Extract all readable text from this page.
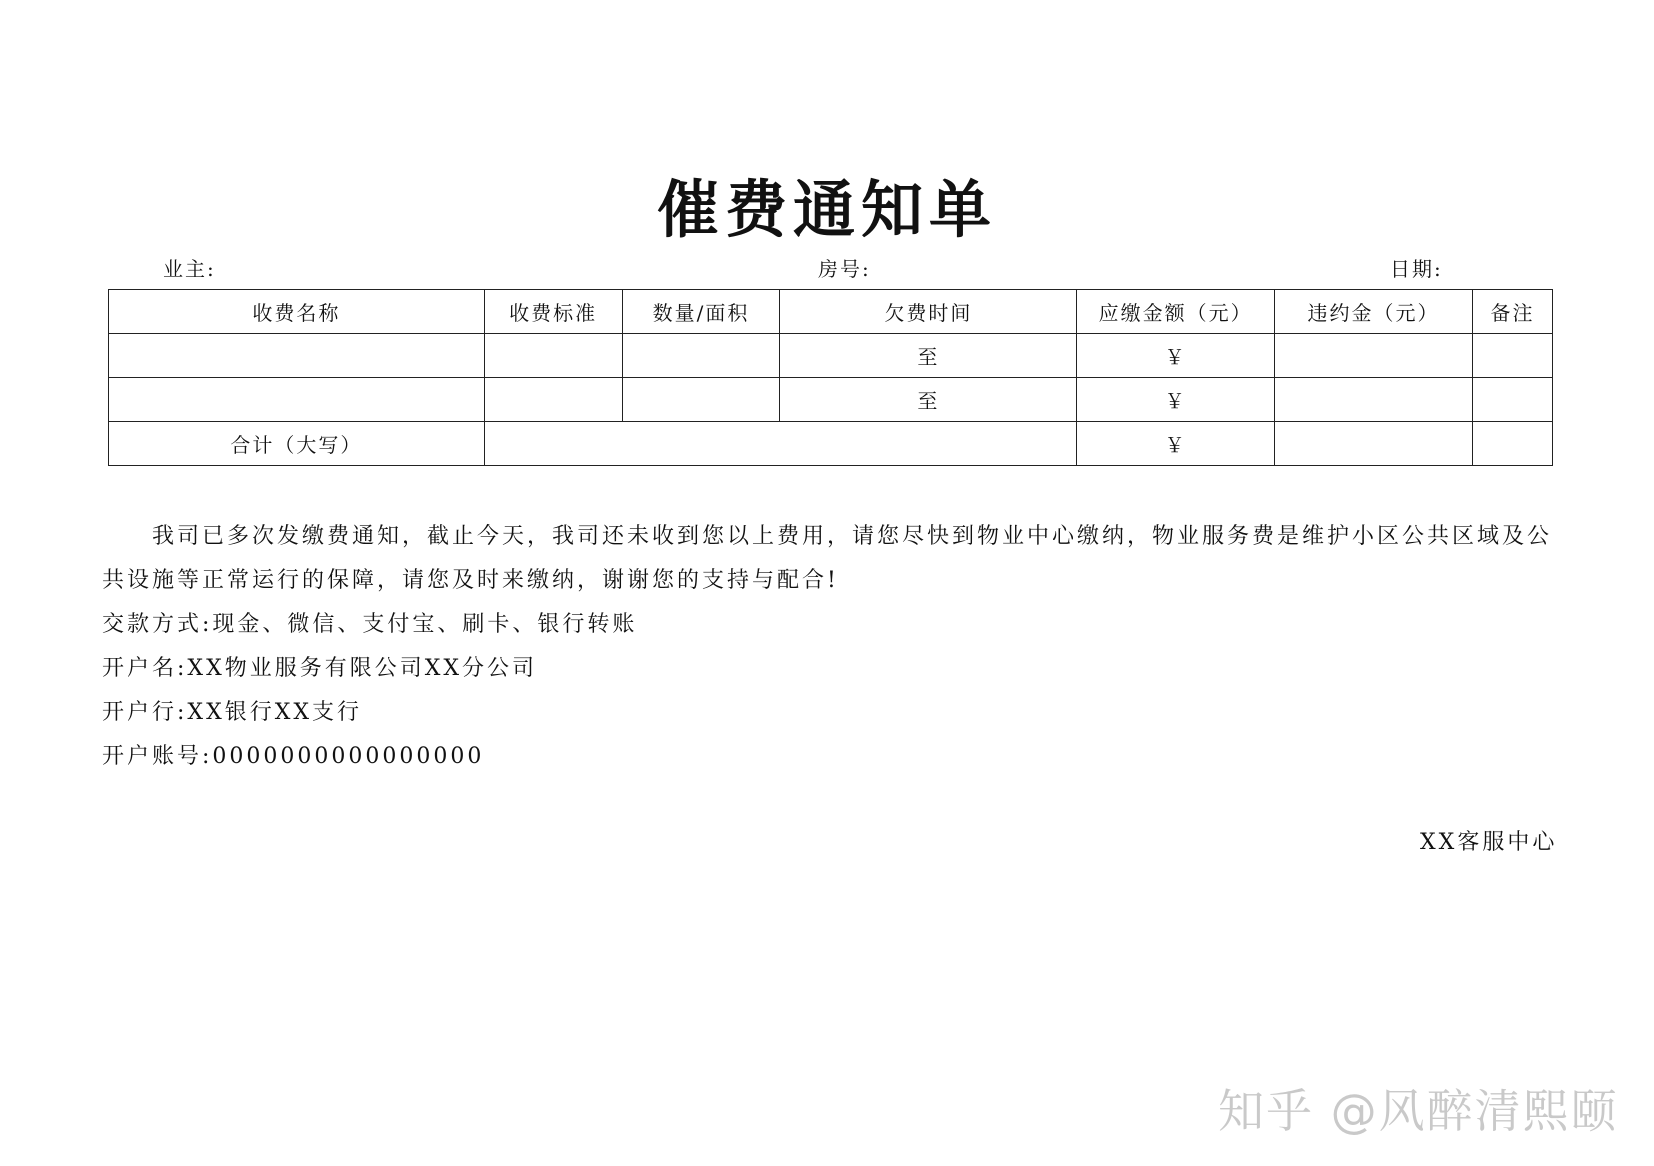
催费通知单
业主:	房号:	日期:
收费名称	收费标准	数量/面积	欠费时间	应缴金额（元）	违约金（元）	备注
			至	￥		
			至	￥		
合计（大写）				￥		

我司已多次发缴费通知，截止今天，我司还未收到您以上费用，请您尽快到物业中心缴纳，物业服务费是维护小区公共区域及公共设施等正常运行的保障，请您及时来缴纳，谢谢您的支持与配合!

交款方式:现金、微信、支付宝、刷卡、银行转账

开户名:XX物业服务有限公司XX分公司

开户行:XX银行XX支行

开户账号:0000000000000000

XX客服中心
知乎 @风醉清熙颐
